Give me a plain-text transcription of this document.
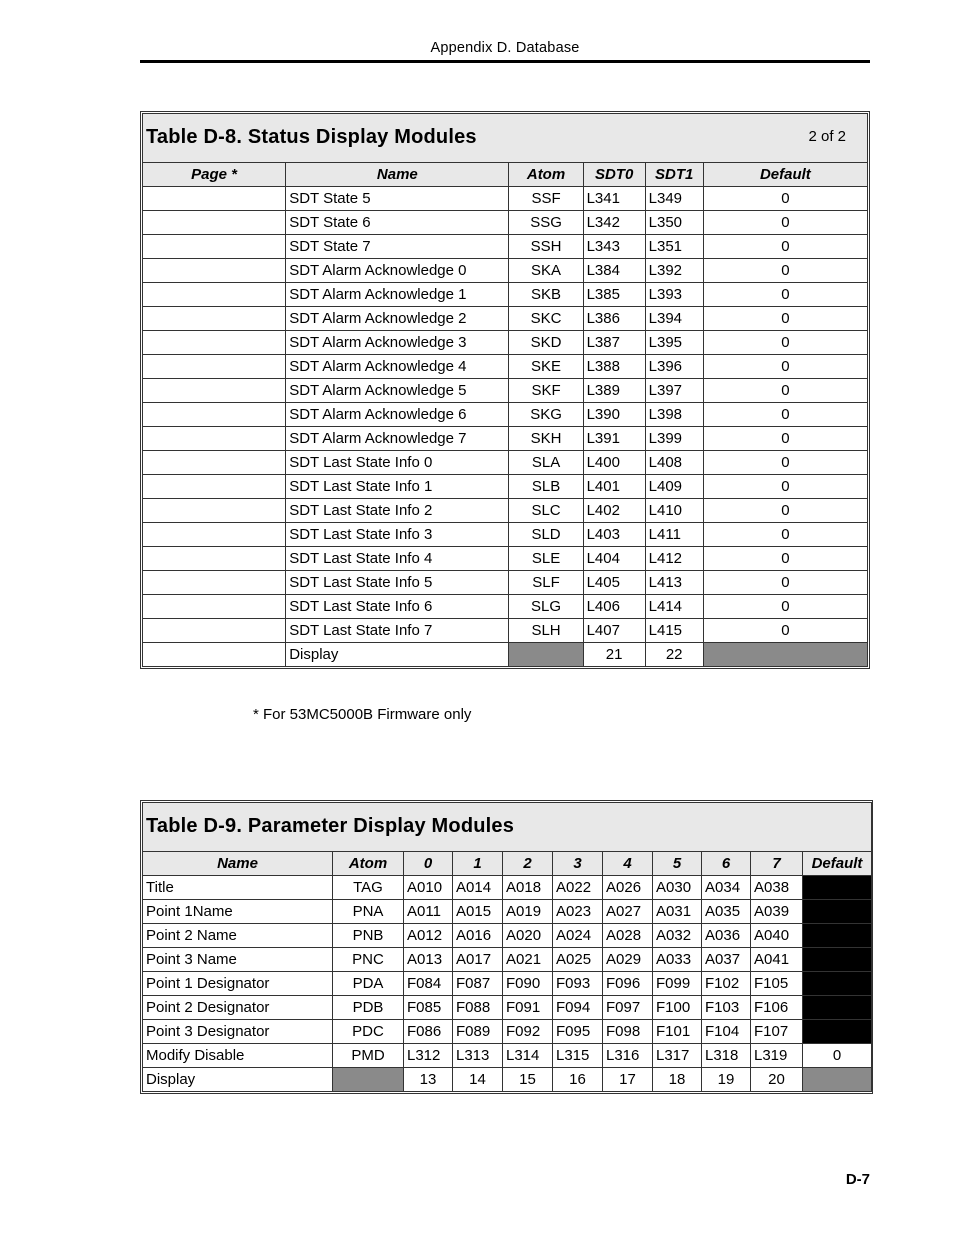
Appendix D. Database
Table D-8. Status Display Modules 2 of 2					

Page *	Name	Atom	SDT0	SDT1	Default
	SDT State 5	SSF	L341	L349	0
	SDT State 6	SSG	L342	L350	0
	SDT State 7	SSH	L343	L351	0
	SDT Alarm Acknowledge 0	SKA	L384	L392	0
	SDT Alarm Acknowledge 1	SKB	L385	L393	0
	SDT Alarm Acknowledge 2	SKC	L386	L394	0
	SDT Alarm Acknowledge 3	SKD	L387	L395	0
	SDT Alarm Acknowledge 4	SKE	L388	L396	0
	SDT Alarm Acknowledge 5	SKF	L389	L397	0
	SDT Alarm Acknowledge 6	SKG	L390	L398	0
	SDT Alarm Acknowledge 7	SKH	L391	L399	0
	SDT Last State Info 0	SLA	L400	L408	0
	SDT Last State Info 1	SLB	L401	L409	0
	SDT Last State Info 2	SLC	L402	L410	0
	SDT Last State Info 3	SLD	L403	L411	0
	SDT Last State Info 4	SLE	L404	L412	0
	SDT Last State Info 5	SLF	L405	L413	0
	SDT Last State Info 6	SLG	L406	L414	0
	SDT Last State Info 7	SLH	L407	L415	0
	Display		21	22	
* For 53MC5000B Firmware only
Table D-9. Parameter Display Modules										
Name	Atom	0	1	2	3	4	5	6	7	Default
Title	TAG	A010	A014	A018	A022	A026	A030	A034	A038	
Point 1Name	PNA	A011	A015	A019	A023	A027	A031	A035	A039	
Point 2 Name	PNB	A012	A016	A020	A024	A028	A032	A036	A040	
Point 3 Name	PNC	A013	A017	A021	A025	A029	A033	A037	A041	
Point 1 Designator	PDA	F084	F087	F090	F093	F096	F099	F102	F105	
Point 2 Designator	PDB	F085	F088	F091	F094	F097	F100	F103	F106	
Point 3 Designator	PDC	F086	F089	F092	F095	F098	F101	F104	F107	
Modify Disable	PMD	L312	L313	L314	L315	L316	L317	L318	L319	0
Display		13	14	15	16	17	18	19	20	
D-7
